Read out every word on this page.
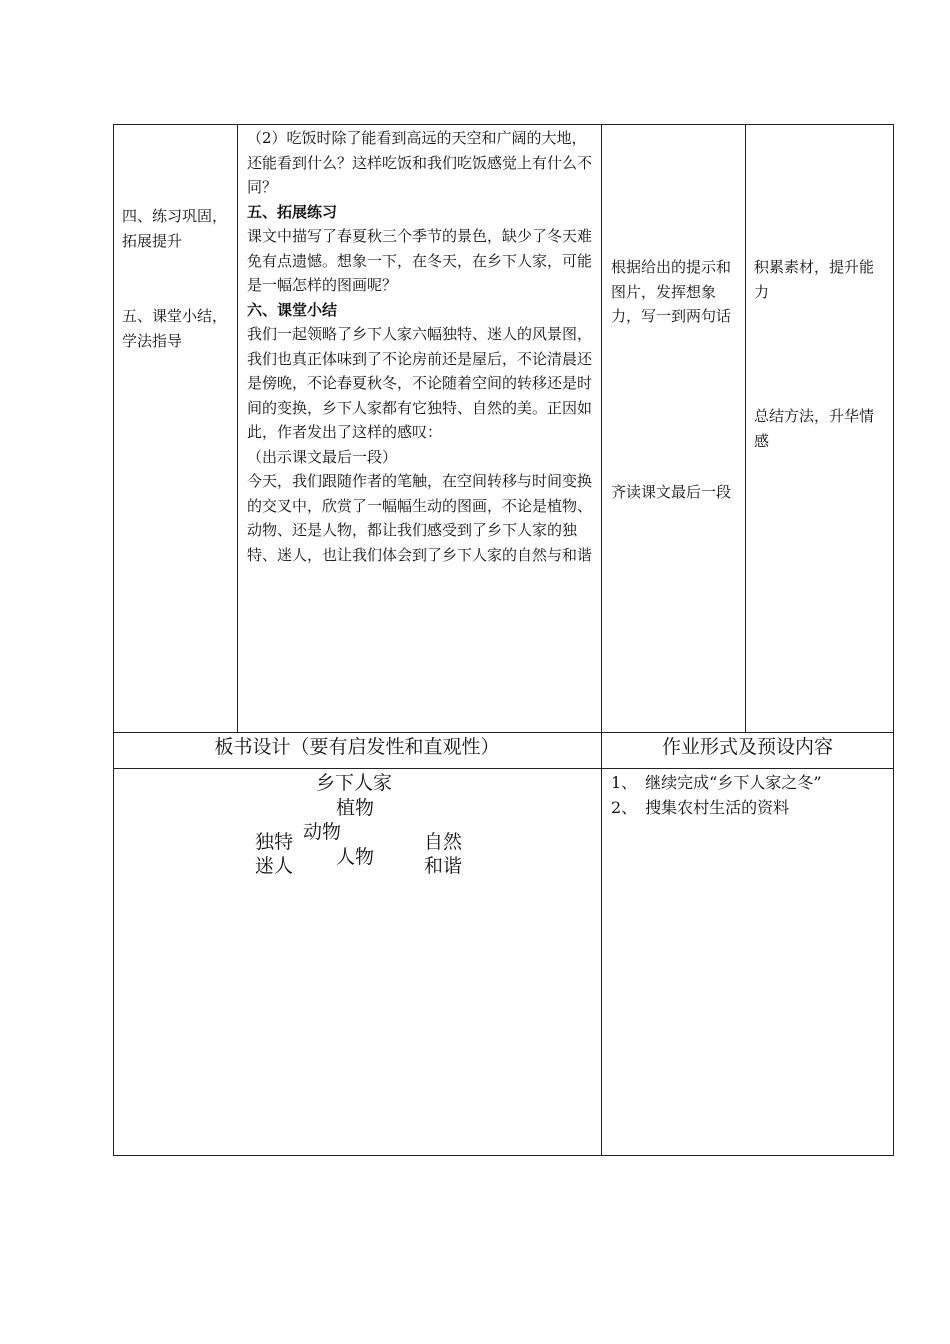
四、练习巩固，拓展提升
五、课堂小结，学法指导

（2）吃饭时除了能看到高远的天空和广阔的大地，还能看到什么？这样吃饭和我们吃饭感觉上有什么不同？

五、拓展练习

课文中描写了春夏秋三个季节的景色，缺少了冬天难免有点遗憾。想象一下，在冬天，在乡下人家，可能是一幅怎样的图画呢？

六、课堂小结

我们一起领略了乡下人家六幅独特、迷人的风景图，我们也真正体味到了不论房前还是屋后，不论清晨还是傍晚，不论春夏秋冬，不论随着空间的转移还是时间的变换，乡下人家都有它独特、自然的美。正因如此，作者发出了这样的感叹：

（出示课文最后一段）

今天，我们跟随作者的笔触，在空间转移与时间变换的交叉中，欣赏了一幅幅生动的图画，不论是植物、动物、还是人物，都让我们感受到了乡下人家的独特、迷人，也让我们体会到了乡下人家的自然与和谐

根据给出的提示和图片，发挥想象力，写一到两句话
齐读课文最后一段
积累素材，提升能力
总结方法，升华情感
板书设计（要有启发性和直观性）	作业形式及预设内容
乡下人家
植物
动物
人物
独特
迷人
自然
和谐
1、　继续完成“乡下人家之冬”
2、　搜集农村生活的资料
